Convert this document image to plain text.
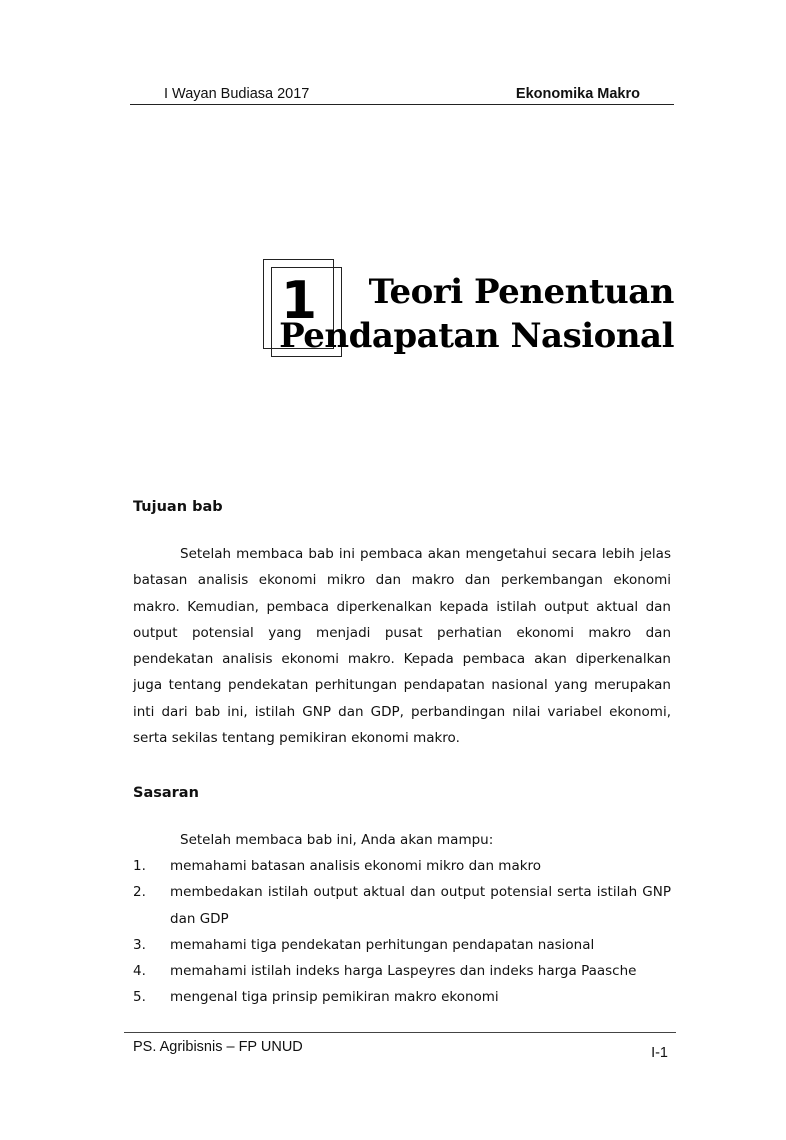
I Wayan Budiasa 2017	Ekonomika Makro
1	Teori Penentuan
Pendapatan Nasional
Tujuan bab

Setelah membaca bab ini pembaca akan mengetahui secara lebih jelas batasan analisis ekonomi mikro dan makro dan perkembangan ekonomi makro. Kemudian, pembaca diperkenalkan kepada istilah output aktual dan output potensial yang menjadi pusat perhatian ekonomi makro dan pendekatan analisis ekonomi makro. Kepada pembaca akan diperkenalkan juga tentang pendekatan perhitungan pendapatan nasional yang merupakan inti dari bab ini, istilah GNP dan GDP, perbandingan nilai variabel ekonomi, serta sekilas tentang pemikiran ekonomi makro.

Sasaran

Setelah membaca bab ini, Anda akan mampu:

1. memahami batasan analisis ekonomi mikro dan makro
2. membedakan istilah output aktual dan output potensial serta istilah GNP dan GDP
3. memahami tiga pendekatan perhitungan pendapatan nasional
4. memahami istilah indeks harga Laspeyres dan indeks harga Paasche
5. mengenal tiga prinsip pemikiran makro ekonomi
PS. Agribisnis – FP UNUD	I-1
